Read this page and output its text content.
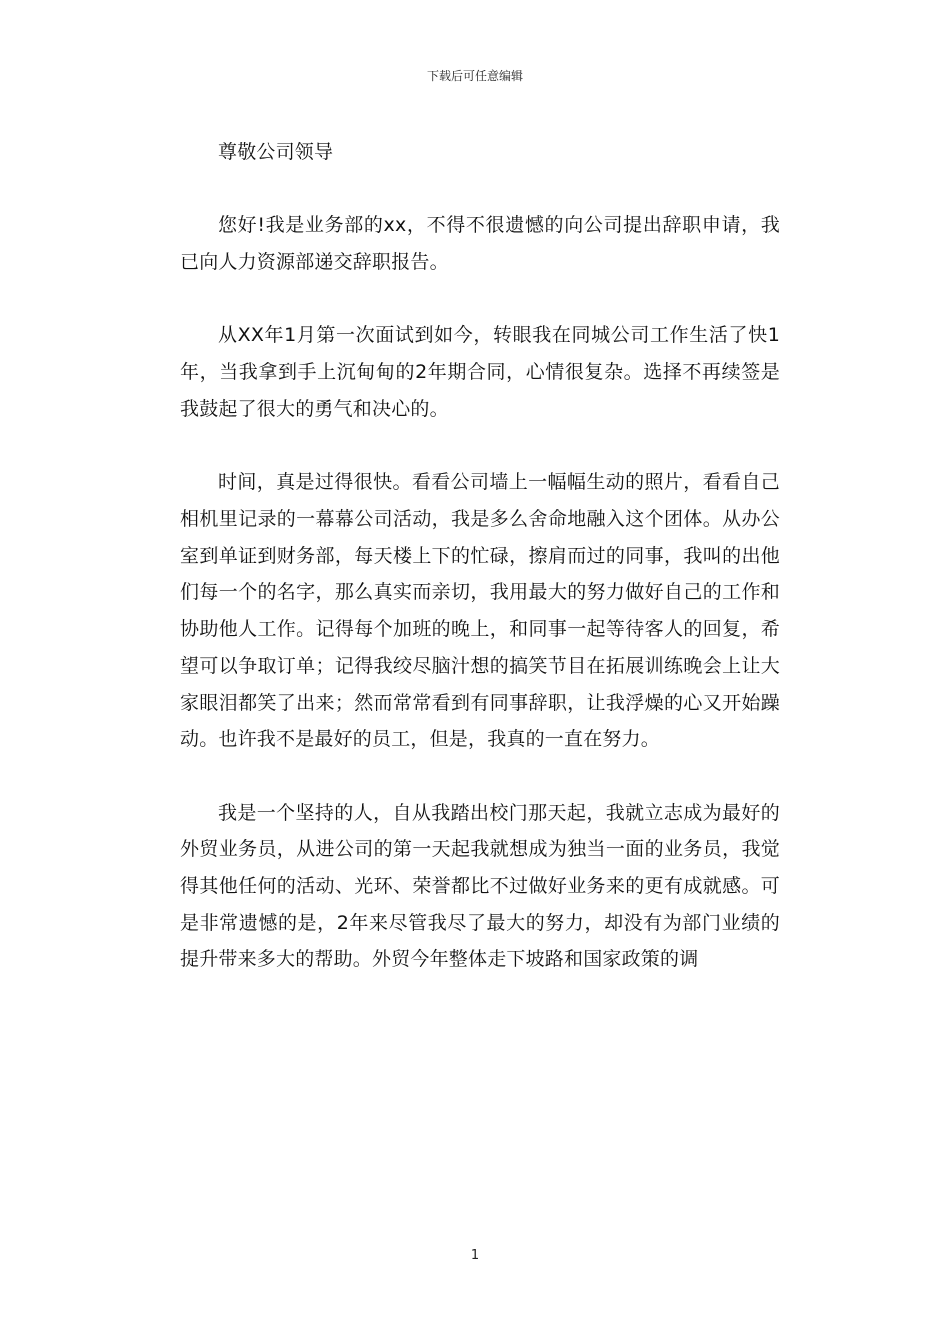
下载后可任意编辑

尊敬公司领导

您好!我是业务部的xx，不得不很遗憾的向公司提出辞职申请，我已向人力资源部递交辞职报告。

从XX年1月第一次面试到如今，转眼我在同城公司工作生活了快1年，当我拿到手上沉甸甸的2年期合同，心情很复杂。选择不再续签是我鼓起了很大的勇气和决心的。

时间，真是过得很快。看看公司墙上一幅幅生动的照片，看看自己相机里记录的一幕幕公司活动，我是多么舍命地融入这个团体。从办公室到单证到财务部，每天楼上下的忙碌，擦肩而过的同事，我叫的出他们每一个的名字，那么真实而亲切，我用最大的努力做好自己的工作和协助他人工作。记得每个加班的晚上，和同事一起等待客人的回复，希望可以争取订单；记得我绞尽脑汁想的搞笑节目在拓展训练晚会上让大家眼泪都笑了出来；然而常常看到有同事辞职，让我浮燥的心又开始躁动。也许我不是最好的员工，但是，我真的一直在努力。

我是一个坚持的人，自从我踏出校门那天起，我就立志成为最好的外贸业务员，从进公司的第一天起我就想成为独当一面的业务员，我觉得其他任何的活动、光环、荣誉都比不过做好业务来的更有成就感。可是非常遗憾的是，2年来尽管我尽了最大的努力，却没有为部门业绩的提升带来多大的帮助。外贸今年整体走下坡路和国家政策的调

1
